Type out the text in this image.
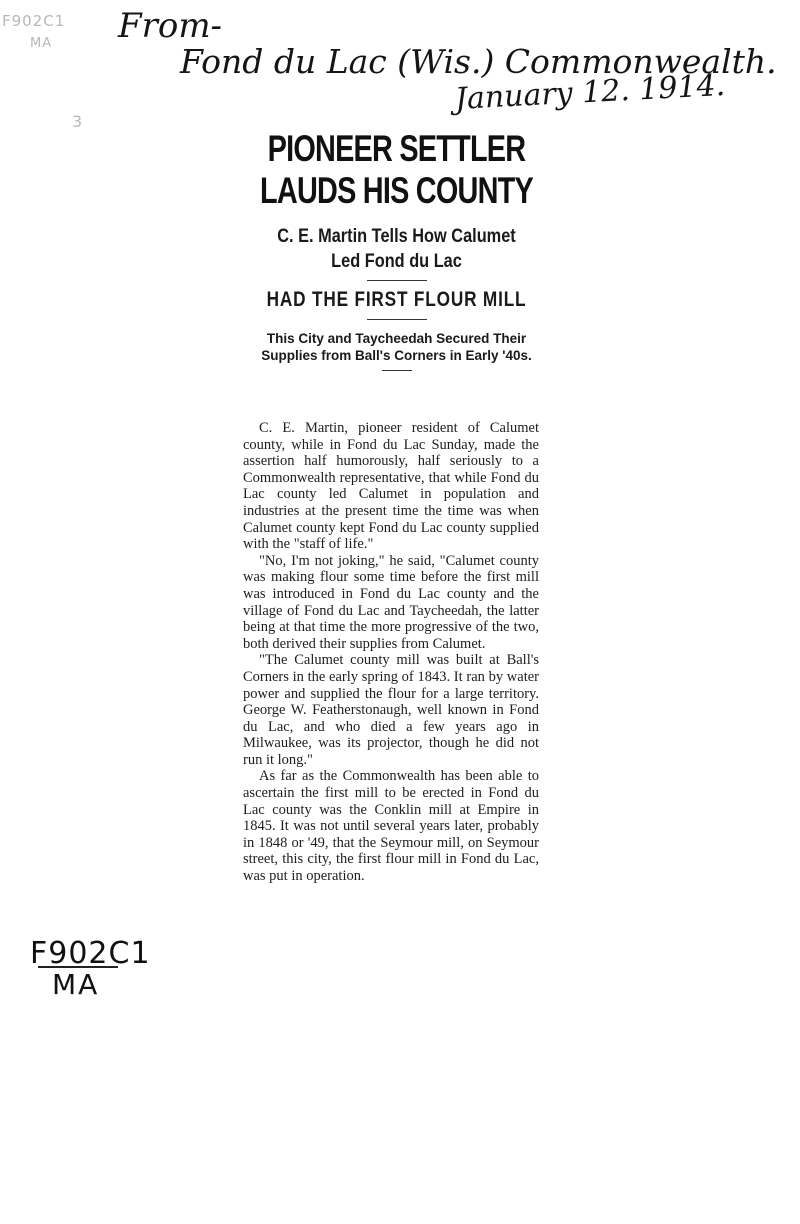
F902C1
MA
3
From-
Fond du Lac (Wis.) Commonwealth.
January 12. 1914.
F902C1
MA
PIONEER SETTLER
LAUDS HIS COUNTY
C. E. Martin Tells How Calumet
Led Fond du Lac
HAD THE FIRST FLOUR MILL
This City and Taycheedah Secured Their Supplies from Ball's Corners in Early '40s.

C. E. Martin, pioneer resident of Calumet county, while in Fond du Lac Sunday, made the assertion half humorously, half seriously to a Commonwealth representative, that while Fond du Lac county led Calumet in population and industries at the present time the time was when Calumet county kept Fond du Lac county supplied with the "staff of life."

"No, I'm not joking," he said, "Calumet county was making flour some time before the first mill was introduced in Fond du Lac county and the village of Fond du Lac and Taycheedah, the latter being at that time the more progressive of the two, both derived their supplies from Calumet.

"The Calumet county mill was built at Ball's Corners in the early spring of 1843. It ran by water power and supplied the flour for a large territory. George W. Featherstonaugh, well known in Fond du Lac, and who died a few years ago in Milwaukee, was its projector, though he did not run it long."

As far as the Commonwealth has been able to ascertain the first mill to be erected in Fond du Lac county was the Conklin mill at Empire in 1845. It was not until several years later, probably in 1848 or '49, that the Seymour mill, on Seymour street, this city, the first flour mill in Fond du Lac, was put in operation.
